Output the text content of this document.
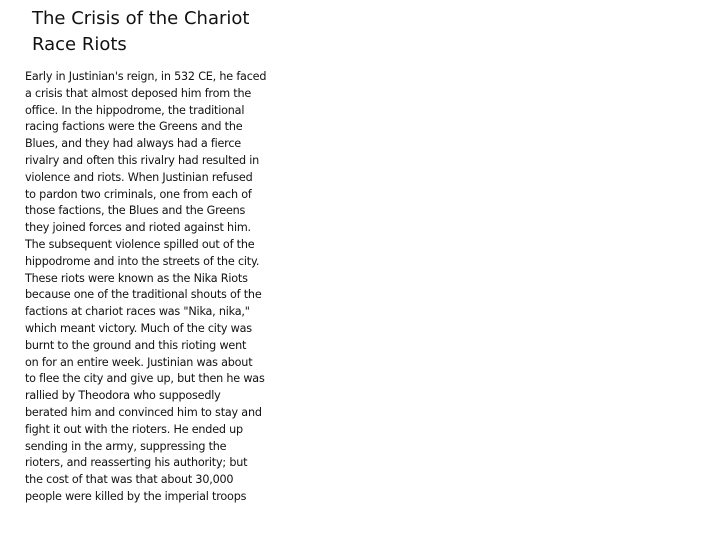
The Crisis of the Chariot
Race Riots
Early in Justinian's reign, in 532 CE, he faced
a crisis that almost deposed him from the
office. In the hippodrome, the traditional
racing factions were the Greens and the
Blues, and they had always had a fierce
rivalry and often this rivalry had resulted in
violence and riots. When Justinian refused
to pardon two criminals, one from each of
those factions, the Blues and the Greens
they joined forces and rioted against him.
The subsequent violence spilled out of the
hippodrome and into the streets of the city.
These riots were known as the Nika Riots
because one of the traditional shouts of the
factions at chariot races was "Nika, nika,"
which meant victory. Much of the city was
burnt to the ground and this rioting went
on for an entire week. Justinian was about
to flee the city and give up, but then he was
rallied by Theodora who supposedly
berated him and convinced him to stay and
fight it out with the rioters. He ended up
sending in the army, suppressing the
rioters, and reasserting his authority; but
the cost of that was that about 30,000
people were killed by the imperial troops
